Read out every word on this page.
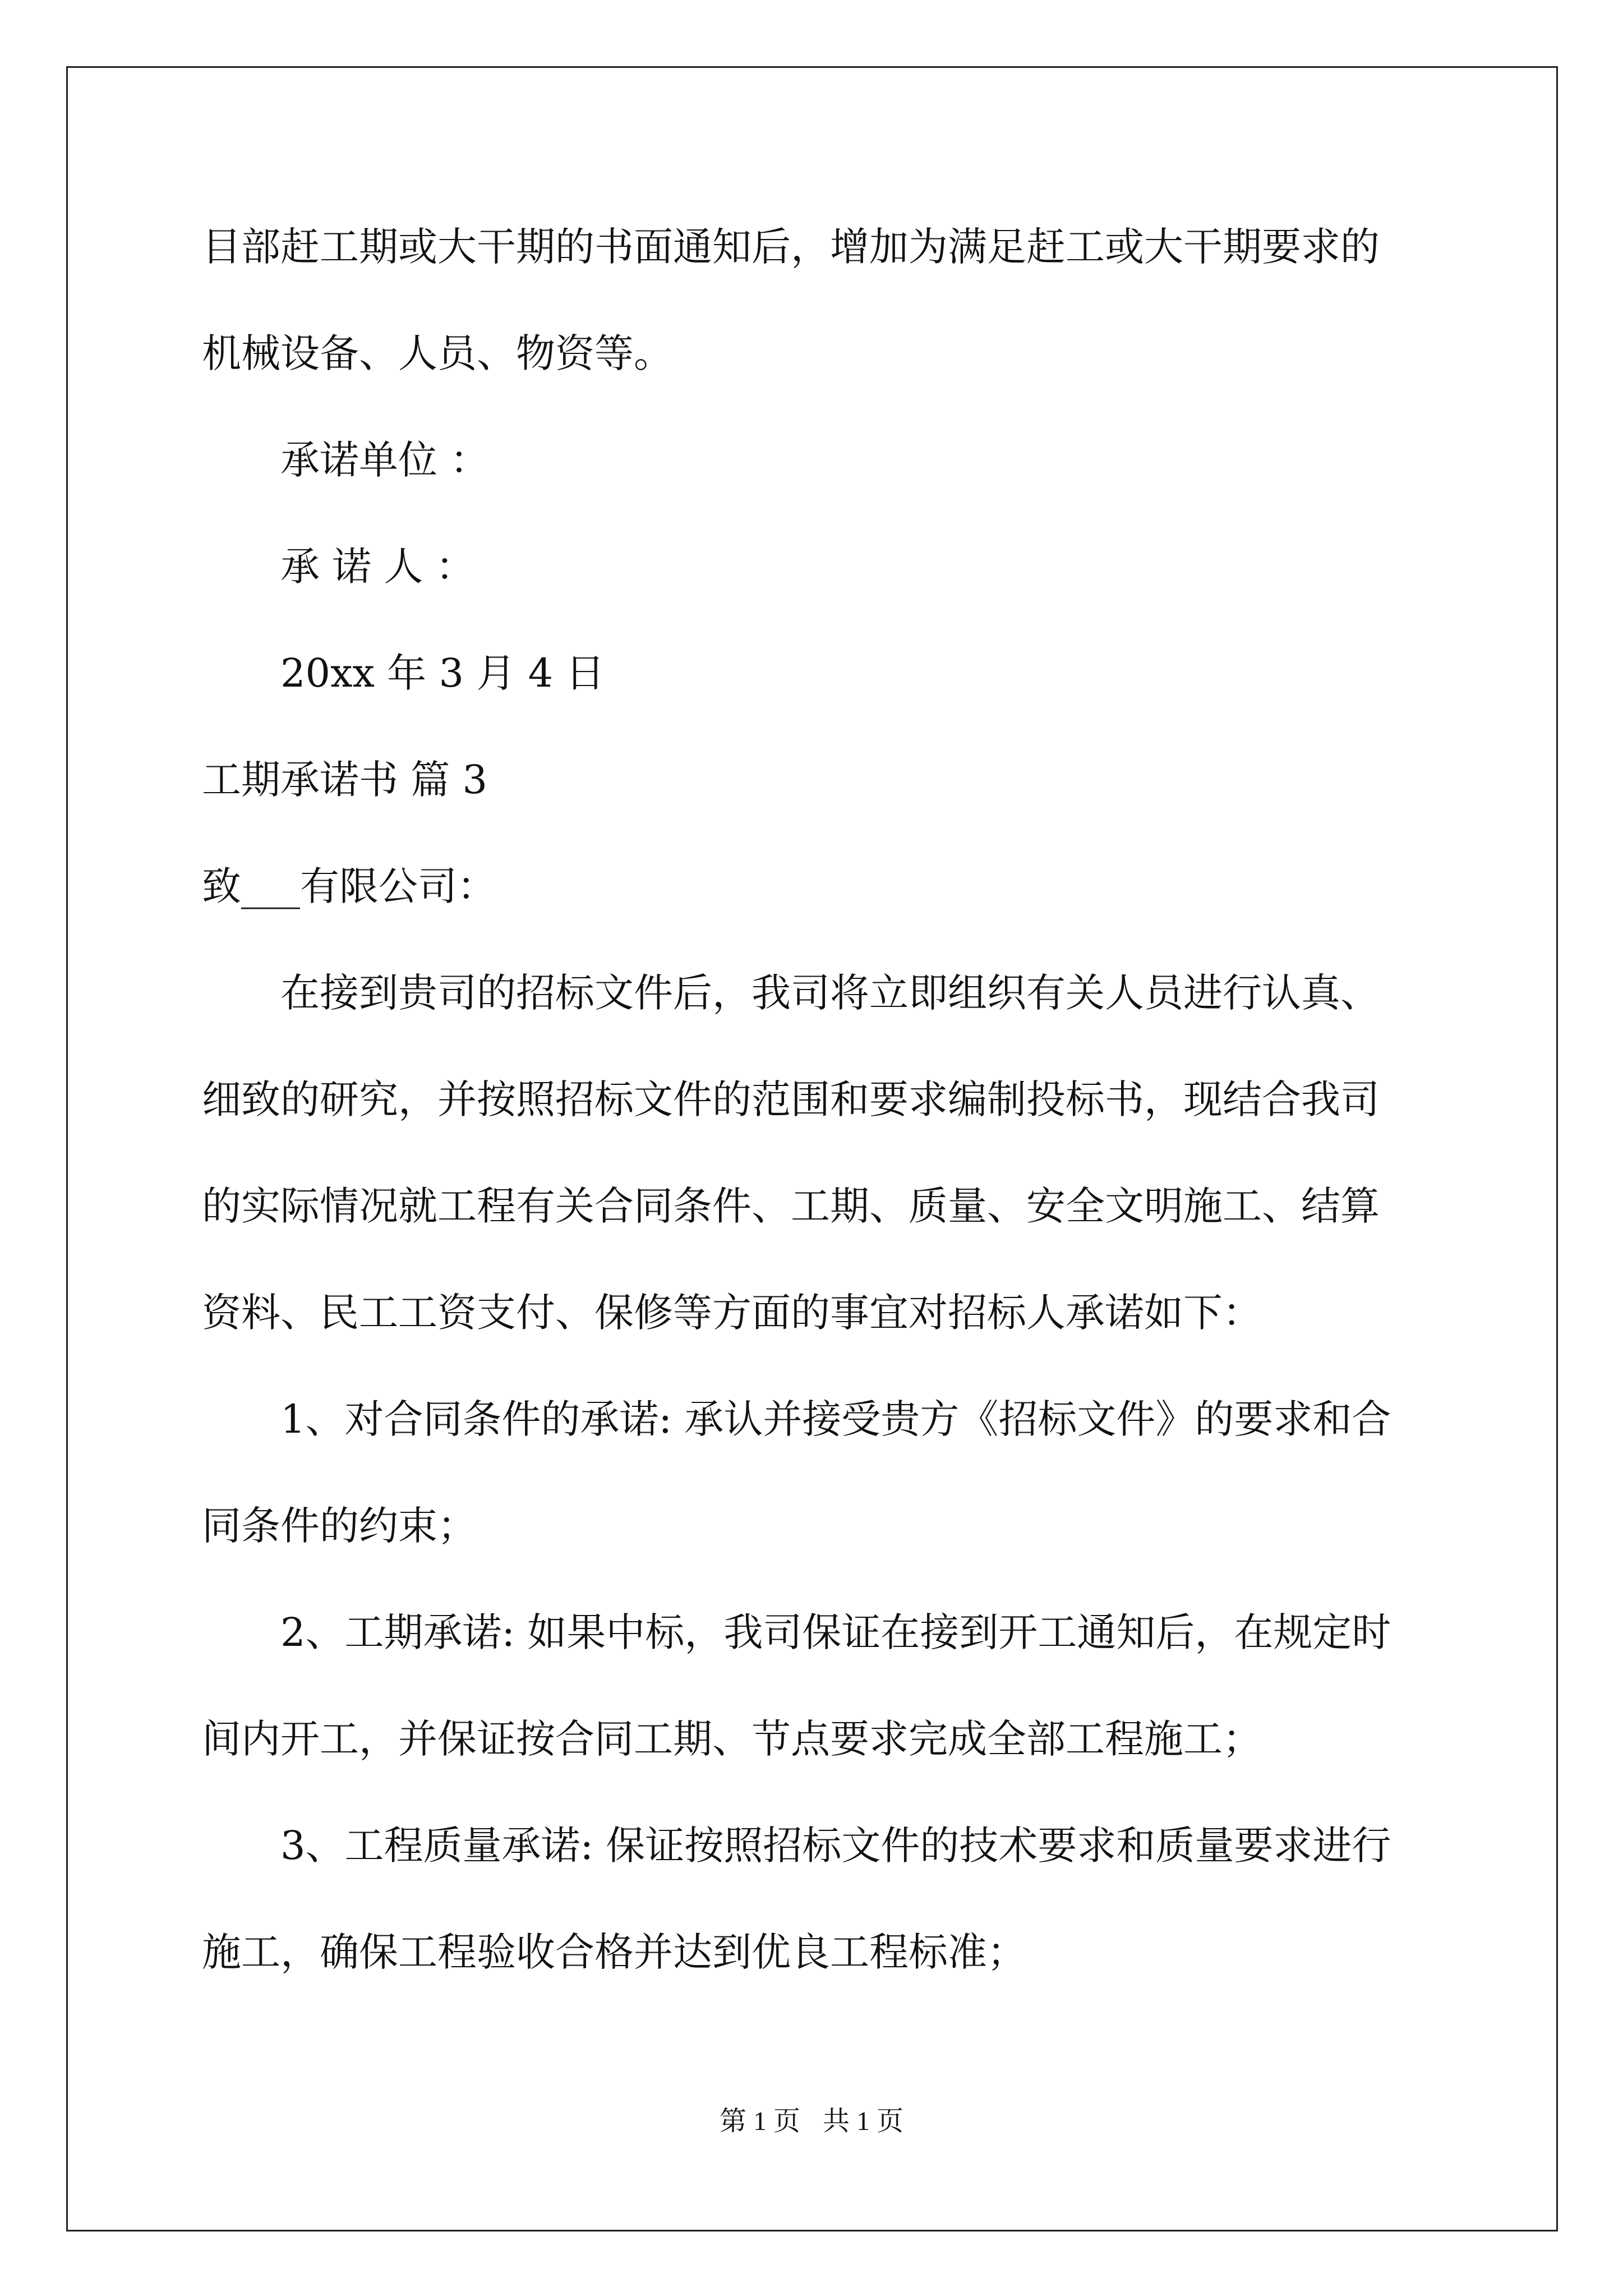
目部赶工期或大干期的书面通知后，增加为满足赶工或大干期要求的
机械设备、人员、物资等。
承诺单位 ：
承 诺 人 ：
20xx 年 3 月 4 日
工期承诺书 篇 3
致___有限公司：
在接到贵司的招标文件后，我司将立即组织有关人员进行认真、
细致的研究，并按照招标文件的范围和要求编制投标书，现结合我司
的实际情况就工程有关合同条件、工期、质量、安全文明施工、结算
资料、民工工资支付、保修等方面的事宜对招标人承诺如下：
1、对合同条件的承诺: 承认并接受贵方《招标文件》的要求和合
同条件的约束；
2、工期承诺: 如果中标，我司保证在接到开工通知后，在规定时
间内开工，并保证按合同工期、节点要求完成全部工程施工；
3、工程质量承诺: 保证按照招标文件的技术要求和质量要求进行
施工，确保工程验收合格并达到优良工程标准；
第 1 页 共 1 页
